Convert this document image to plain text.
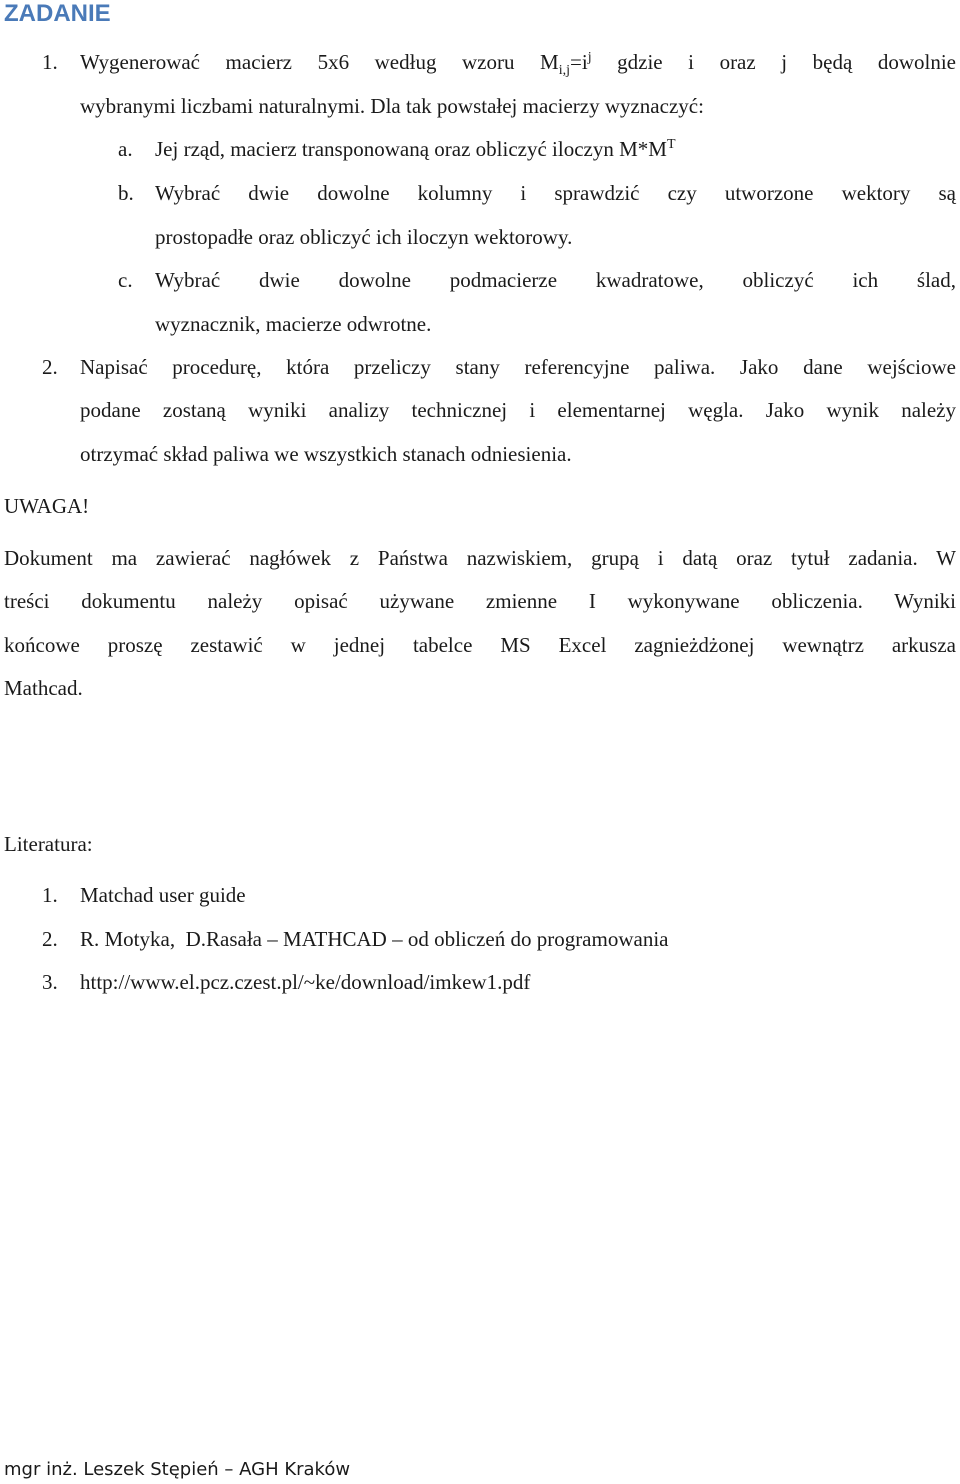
ZADANIE
1. Wygenerować macierz 5x6 według wzoru $M_{i,j}=i^j$ gdzie i oraz j będą dowolnie
wybranymi liczbami naturalnymi. Dla tak powstałej macierzy wyznaczyć:
a. Jej rząd, macierz transponowaną oraz obliczyć iloczyn $M*M^T$
b. Wybrać dwie dowolne kolumny i sprawdzić czy utworzone wektory są
prostopadłe oraz obliczyć ich iloczyn wektorowy.
c. Wybrać dwie dowolne podmacierze kwadratowe, obliczyć ich ślad,
wyznacznik, macierze odwrotne.
2. Napisać procedurę, która przeliczy stany referencyjne paliwa. Jako dane wejściowe
podane zostaną wyniki analizy technicznej i elementarnej węgla. Jako wynik należy
otrzymać skład paliwa we wszystkich stanach odniesienia.
UWAGA!
Dokument ma zawierać nagłówek z Państwa nazwiskiem, grupą i datą oraz tytuł zadania. W
treści dokumentu należy opisać używane zmienne I wykonywane obliczenia. Wyniki
końcowe proszę zestawić w jednej tabelce MS Excel zagnieżdżonej wewnątrz arkusza
Mathcad.
Literatura:
1. Matchad user guide
2. R. Motyka,  D.Rasała – MATHCAD – od obliczeń do programowania
3. http://www.el.pcz.czest.pl/~ke/download/imkew1.pdf
mgr inż. Leszek Stępień – AGH Kraków
